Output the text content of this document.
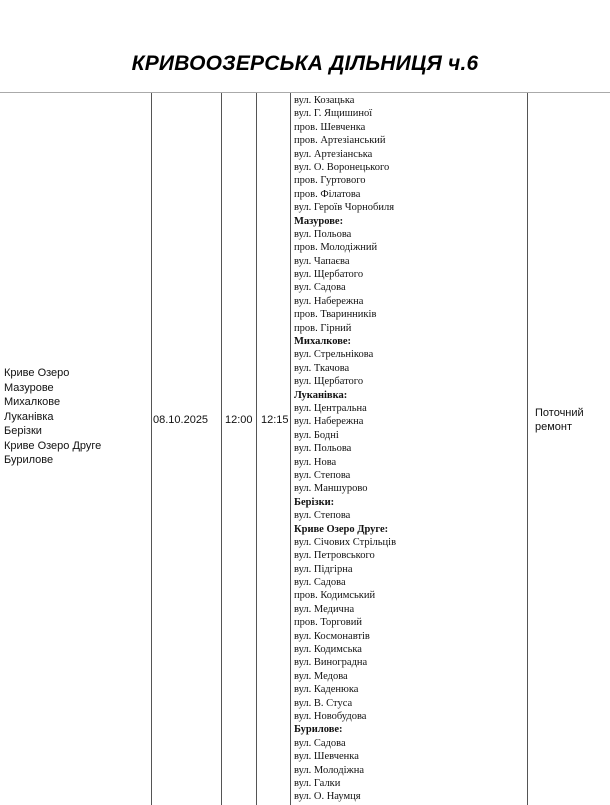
КРИВООЗЕРСЬКА ДІЛЬНИЦЯ ч.6
Криве Озеро
Мазурове
Михалкове
Луканівка
Берізки
Криве Озеро Друге
Бурилове
08.10.2025 12:00 12:15
вул. Козацька
вул. Г. Ящишиної
пров. Шевченка
пров. Артезіанський
вул. Артезіанська
вул. О. Воронецького
пров. Гуртового
пров. Філатова
вул. Героїв Чорнобиля
Мазурове:
вул. Польова
пров. Молодіжний
вул. Чапаєва
вул. Щербатого
вул. Садова
вул. Набережна
пров. Тваринників
пров. Гірний
Михалкове:
вул. Стрельнікова
вул. Ткачова
вул. Щербатого
Луканівка:
вул. Центральна
вул. Набережна
вул. Бодні
вул. Польова
вул. Нова
вул. Степова
вул. Маншурово
Берізки:
вул. Степова
Криве Озеро Друге:
вул. Січових Стрільців
вул. Петровського
вул. Підгірна
вул. Садова
пров. Кодимський
вул. Медична
пров. Торговий
вул. Космонавтів
вул. Кодимська
вул. Виноградна
вул. Медова
вул. Каденюка
вул. В. Стуса
вул. Новобудова
Бурилове:
вул. Садова
вул. Шевченка
вул. Молодіжна
вул. Галки
вул. О. Наумця
Поточний ремонт
